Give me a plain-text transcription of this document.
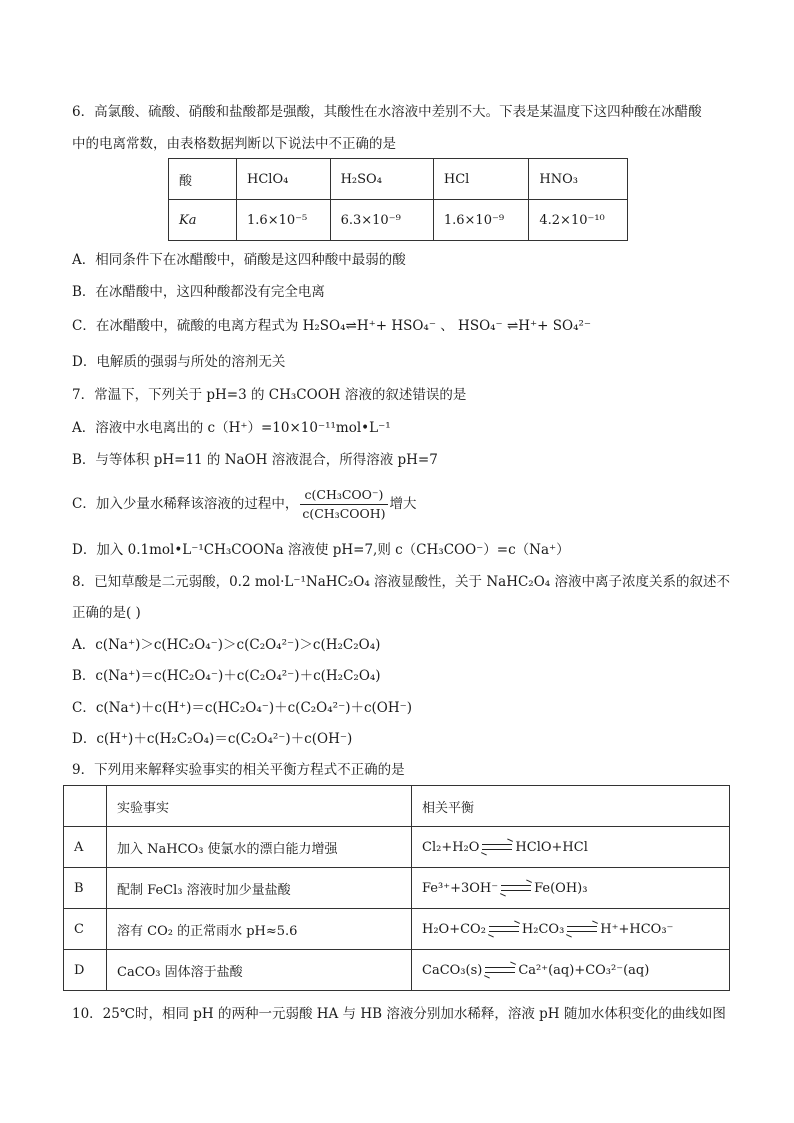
6．高氯酸、硫酸、硝酸和盐酸都是强酸，其酸性在水溶液中差别不大。下表是某温度下这四种酸在冰醋酸
中的电离常数，由表格数据判断以下说法中不正确的是
酸	HClO₄	H₂SO₄	HCl	HNO₃
Ka	1.6×10⁻⁵	6.3×10⁻⁹	1.6×10⁻⁹	4.2×10⁻¹⁰
A．相同条件下在冰醋酸中，硝酸是这四种酸中最弱的酸
B．在冰醋酸中，这四种酸都没有完全电离
C．在冰醋酸中，硫酸的电离方程式为 H₂SO₄⇌H⁺+ HSO₄⁻ 、 HSO₄⁻ ⇌H⁺+ SO₄²⁻
D．电解质的强弱与所处的溶剂无关
7．常温下，下列关于 pH=3 的 CH₃COOH 溶液的叙述错误的是
A．溶液中水电离出的 c（H⁺）=10×10⁻¹¹mol•L⁻¹
B．与等体积 pH=11 的 NaOH 溶液混合，所得溶液 pH=7
C．加入少量水稀释该溶液的过程中， $\frac{\text{c(CH₃COO⁻)}}{\text{c(CH₃COOH)}}$ 增大
D．加入 0.1mol•L⁻¹CH₃COONa 溶液使 pH=7,则 c（CH₃COO⁻）=c（Na⁺）
8．已知草酸是二元弱酸，0.2 mol·L⁻¹NaHC₂O₄ 溶液显酸性，关于 NaHC₂O₄ 溶液中离子浓度关系的叙述不
正确的是( )
A．c(Na⁺)＞c(HC₂O₄⁻)＞c(C₂O₄²⁻)＞c(H₂C₂O₄)
B．c(Na⁺)＝c(HC₂O₄⁻)＋c(C₂O₄²⁻)＋c(H₂C₂O₄)
C．c(Na⁺)＋c(H⁺)＝c(HC₂O₄⁻)＋c(C₂O₄²⁻)＋c(OH⁻)
D．c(H⁺)＋c(H₂C₂O₄)＝c(C₂O₄²⁻)＋c(OH⁻)
9．下列用来解释实验事实的相关平衡方程式不正确的是
	实验事实	相关平衡
A	加入 NaHCO₃ 使氯水的漂白能力增强	Cl₂+H₂O → HClO+HCl
B	配制 FeCl₃ 溶液时加少量盐酸	Fe³⁺+3OH⁻ → Fe(OH)₃
C	溶有 CO₂ 的正常雨水 pH≈5.6	H₂O+CO₂ → H₂CO₃ → H⁺+HCO₃⁻
D	CaCO₃ 固体溶于盐酸	CaCO₃(s) → Ca²⁺(aq)+CO₃²⁻(aq)
10．25℃时，相同 pH 的两种一元弱酸 HA 与 HB 溶液分别加水稀释，溶液 pH 随加水体积变化的曲线如图
